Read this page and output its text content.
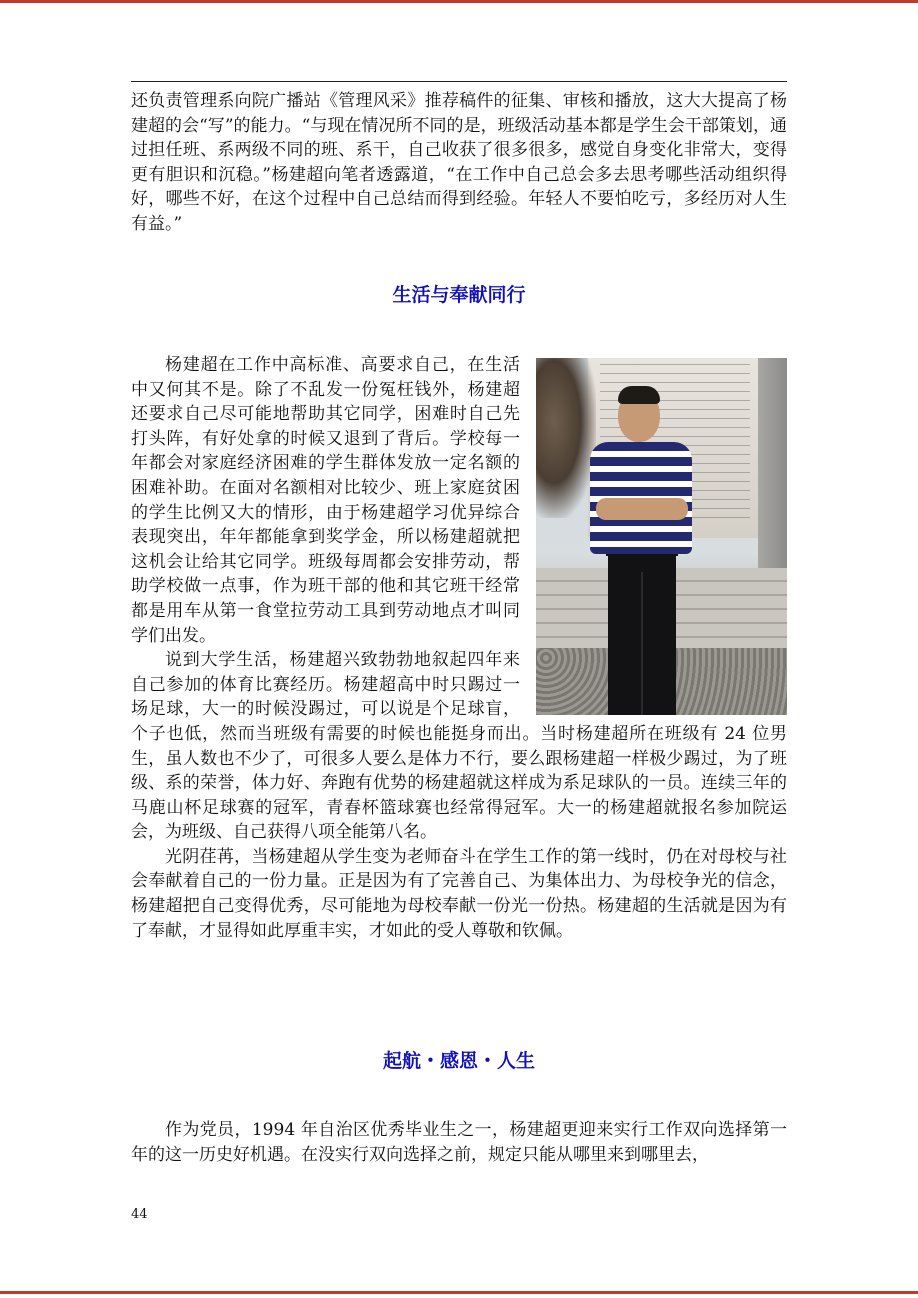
还负责管理系向院广播站《管理风采》推荐稿件的征集、审核和播放，这大大提高了杨建超的会“写”的能力。“与现在情况所不同的是，班级活动基本都是学生会干部策划，通过担任班、系两级不同的班、系干，自己收获了很多很多，感觉自身变化非常大，变得更有胆识和沉稳。”杨建超向笔者透露道，“在工作中自己总会多去思考哪些活动组织得好，哪些不好，在这个过程中自己总结而得到经验。年轻人不要怕吃亏，多经历对人生有益。”

生活与奉献同行

杨建超在工作中高标准、高要求自己，在生活中又何其不是。除了不乱发一份冤枉钱外，杨建超还要求自己尽可能地帮助其它同学，困难时自己先打头阵，有好处拿的时候又退到了背后。学校每一年都会对家庭经济困难的学生群体发放一定名额的困难补助。在面对名额相对比较少、班上家庭贫困的学生比例又大的情形，由于杨建超学习优异综合表现突出，年年都能拿到奖学金，所以杨建超就把这机会让给其它同学。班级每周都会安排劳动，帮助学校做一点事，作为班干部的他和其它班干经常都是用车从第一食堂拉劳动工具到劳动地点才叫同学们出发。

说到大学生活，杨建超兴致勃勃地叙起四年来自己参加的体育比赛经历。杨建超高中时只踢过一场足球，大一的时候没踢过，可以说是个足球盲，个子也低，然而当班级有需要的时候也能挺身而出。当时杨建超所在班级有 24 位男生，虽人数也不少了，可很多人要么是体力不行，要么跟杨建超一样极少踢过，为了班级、系的荣誉，体力好、奔跑有优势的杨建超就这样成为系足球队的一员。连续三年的马鹿山杯足球赛的冠军，青春杯篮球赛也经常得冠军。大一的杨建超就报名参加院运会，为班级、自己获得八项全能第八名。

光阴荏苒，当杨建超从学生变为老师奋斗在学生工作的第一线时，仍在对母校与社会奉献着自己的一份力量。正是因为有了完善自己、为集体出力、为母校争光的信念，杨建超把自己变得优秀，尽可能地为母校奉献一份光一份热。杨建超的生活就是因为有了奉献，才显得如此厚重丰实，才如此的受人尊敬和钦佩。

起航・感恩・人生

作为党员，1994 年自治区优秀毕业生之一，杨建超更迎来实行工作双向选择第一年的这一历史好机遇。在没实行双向选择之前，规定只能从哪里来到哪里去，

44
